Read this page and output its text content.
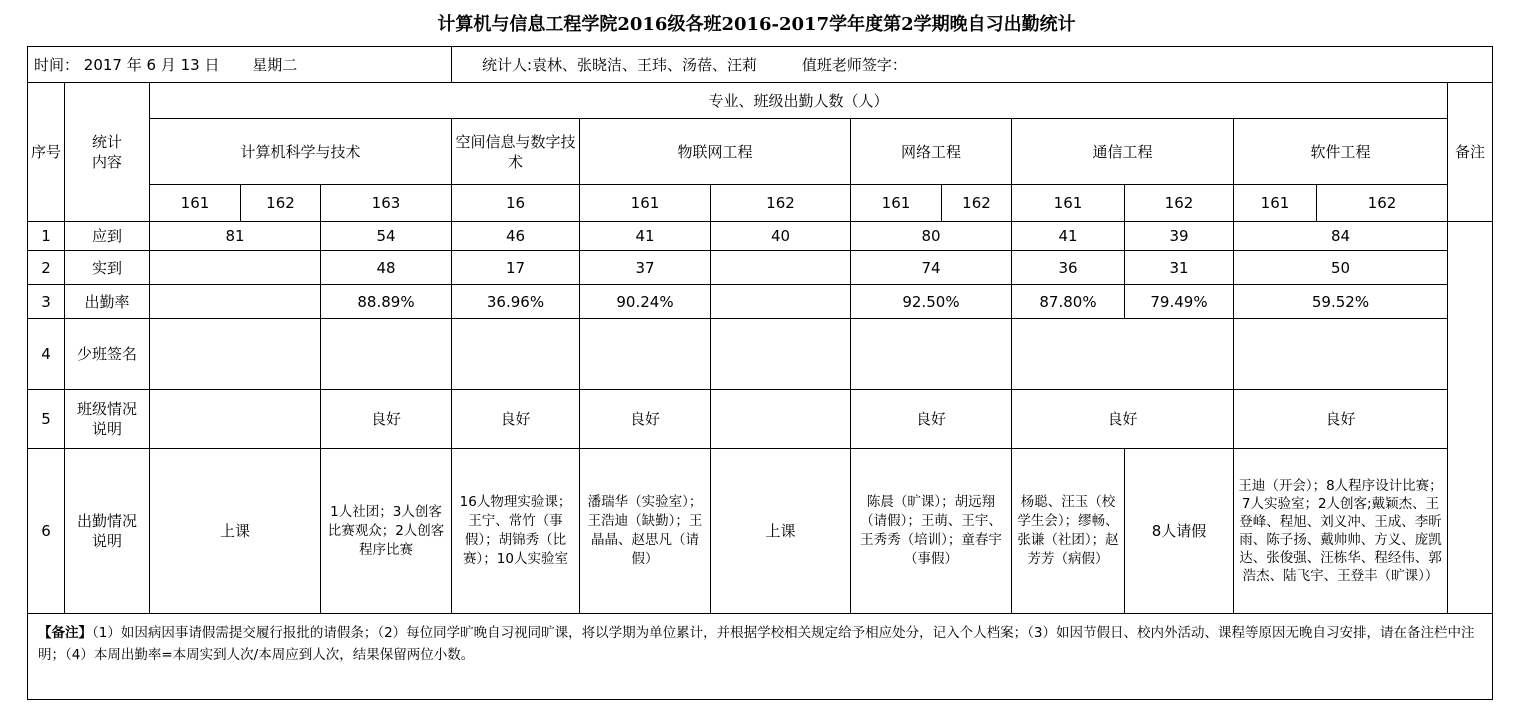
计算机与信息工程学院2016级各班2016-2017学年度第2学期晚自习出勤统计
时间： 2017 年 6 月 13 日 星期二					统计人:袁林、张晓洁、王玮、汤蓓、汪莉 值班老师签字：									
序号	统计内容	专业、班级出勤人数（人）												备注
		计算机科学与技术			空间信息与数字技术	物联网工程		网络工程		通信工程		软件工程		
		161	162	163	16	161	162	161	162	161	162	161	162	
1	应到	81		54	46	41	40	80		41	39	84		
2	实到			48	17	37		74		36	31	50		
3	出勤率			88.89%	36.96%	90.24%		92.50%		87.80%	79.49%	59.52%		
4	少班签名													
5	班级情况说明			良好	良好	良好		良好		良好		良好		
6	出勤情况说明	上课		1人社团；3人创客比赛观众；2人创客程序比赛	16人物理实验课；王宁、常竹（事假）；胡锦秀（比赛）；10人实验室	潘瑞华（实验室）；王浩迪（缺勤）；王晶晶、赵思凡（请假）	上课	陈晨（旷课）；胡远翔（请假）；王萌、王宇、王秀秀（培训）；童春宇（事假）		杨聪、汪玉（校学生会）；缪畅、张谦（社团）；赵芳芳（病假）	8人请假	王迪（开会）；8人程序设计比赛；7人实验室；2人创客;戴颖杰、王登峰、程旭、刘义冲、王成、李昕雨、陈子扬、戴帅帅、方义、庞凯达、张俊强、汪栋华、程经伟、郭浩杰、陆飞宇、王登丰（旷课））		
【备注】（1）如因病因事请假需提交履行报批的请假条；（2）每位同学旷晚自习视同旷课，将以学期为单位累计，并根据学校相关规定给予相应处分，记入个人档案；（3）如因节假日、校内外活动、课程等原因无晚自习安排，请在备注栏中注明；（4）本周出勤率=本周实到人次/本周应到人次，结果保留两位小数。														
